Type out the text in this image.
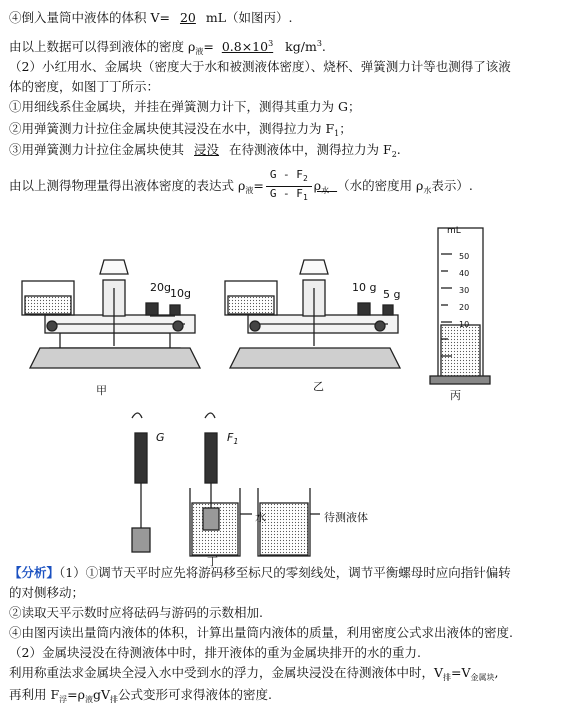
④倒入量筒中液体的体积 V= 20 mL（如图丙）.
由以上数据可以得到液体的密度 $\rho_液= 0.8\times 10^3$ $kg/m^3$.
（2）小红用水、金属块（密度大于水和被测液体密度）、烧杯、弹簧测力计等也测得了该液
体的密度，如图丁丁所示：
①用细线系住金属块，并挂在弹簧测力计下，测得其重力为 G；
②用弹簧测力计拉住金属块使其浸没在水中，测得拉力为 $F_1$；
③用弹簧测力计拉住金属块使其 浸没 在待测液体中，测得拉力为 $F_2$.
由以上测得物理量得出液体密度的表达式 $\rho_液= \frac{G - F_2}{G - F_1} \rho_水$ （水的密度用 $\rho_水$表示）.
20g 10g	10 g
5 g
甲	乙
丙
mL
50
40
30
20
10
G	$F_1$
水	待测液体
丁
【分析】（1）①调节天平时应先将游码移至标尺的零刻线处，调节平衡螺母时应向指针偏转
的对侧移动；
②读取天平示数时应将砝码与游码的示数相加.
④由图丙读出量筒内液体的体积，计算出量筒内液体的质量，利用密度公式求出液体的密度.
（2）金属块浸没在待测液体中时，排开液体的重为金属块排开的水的重力.
利用称重法求金属块全浸入水中受到水的浮力，金属块浸没在待测液体中时，$V_排=V_{金属块}$,
再利用 $F_浮=\rho_液gV_排$公式变形可求得液体的密度.
